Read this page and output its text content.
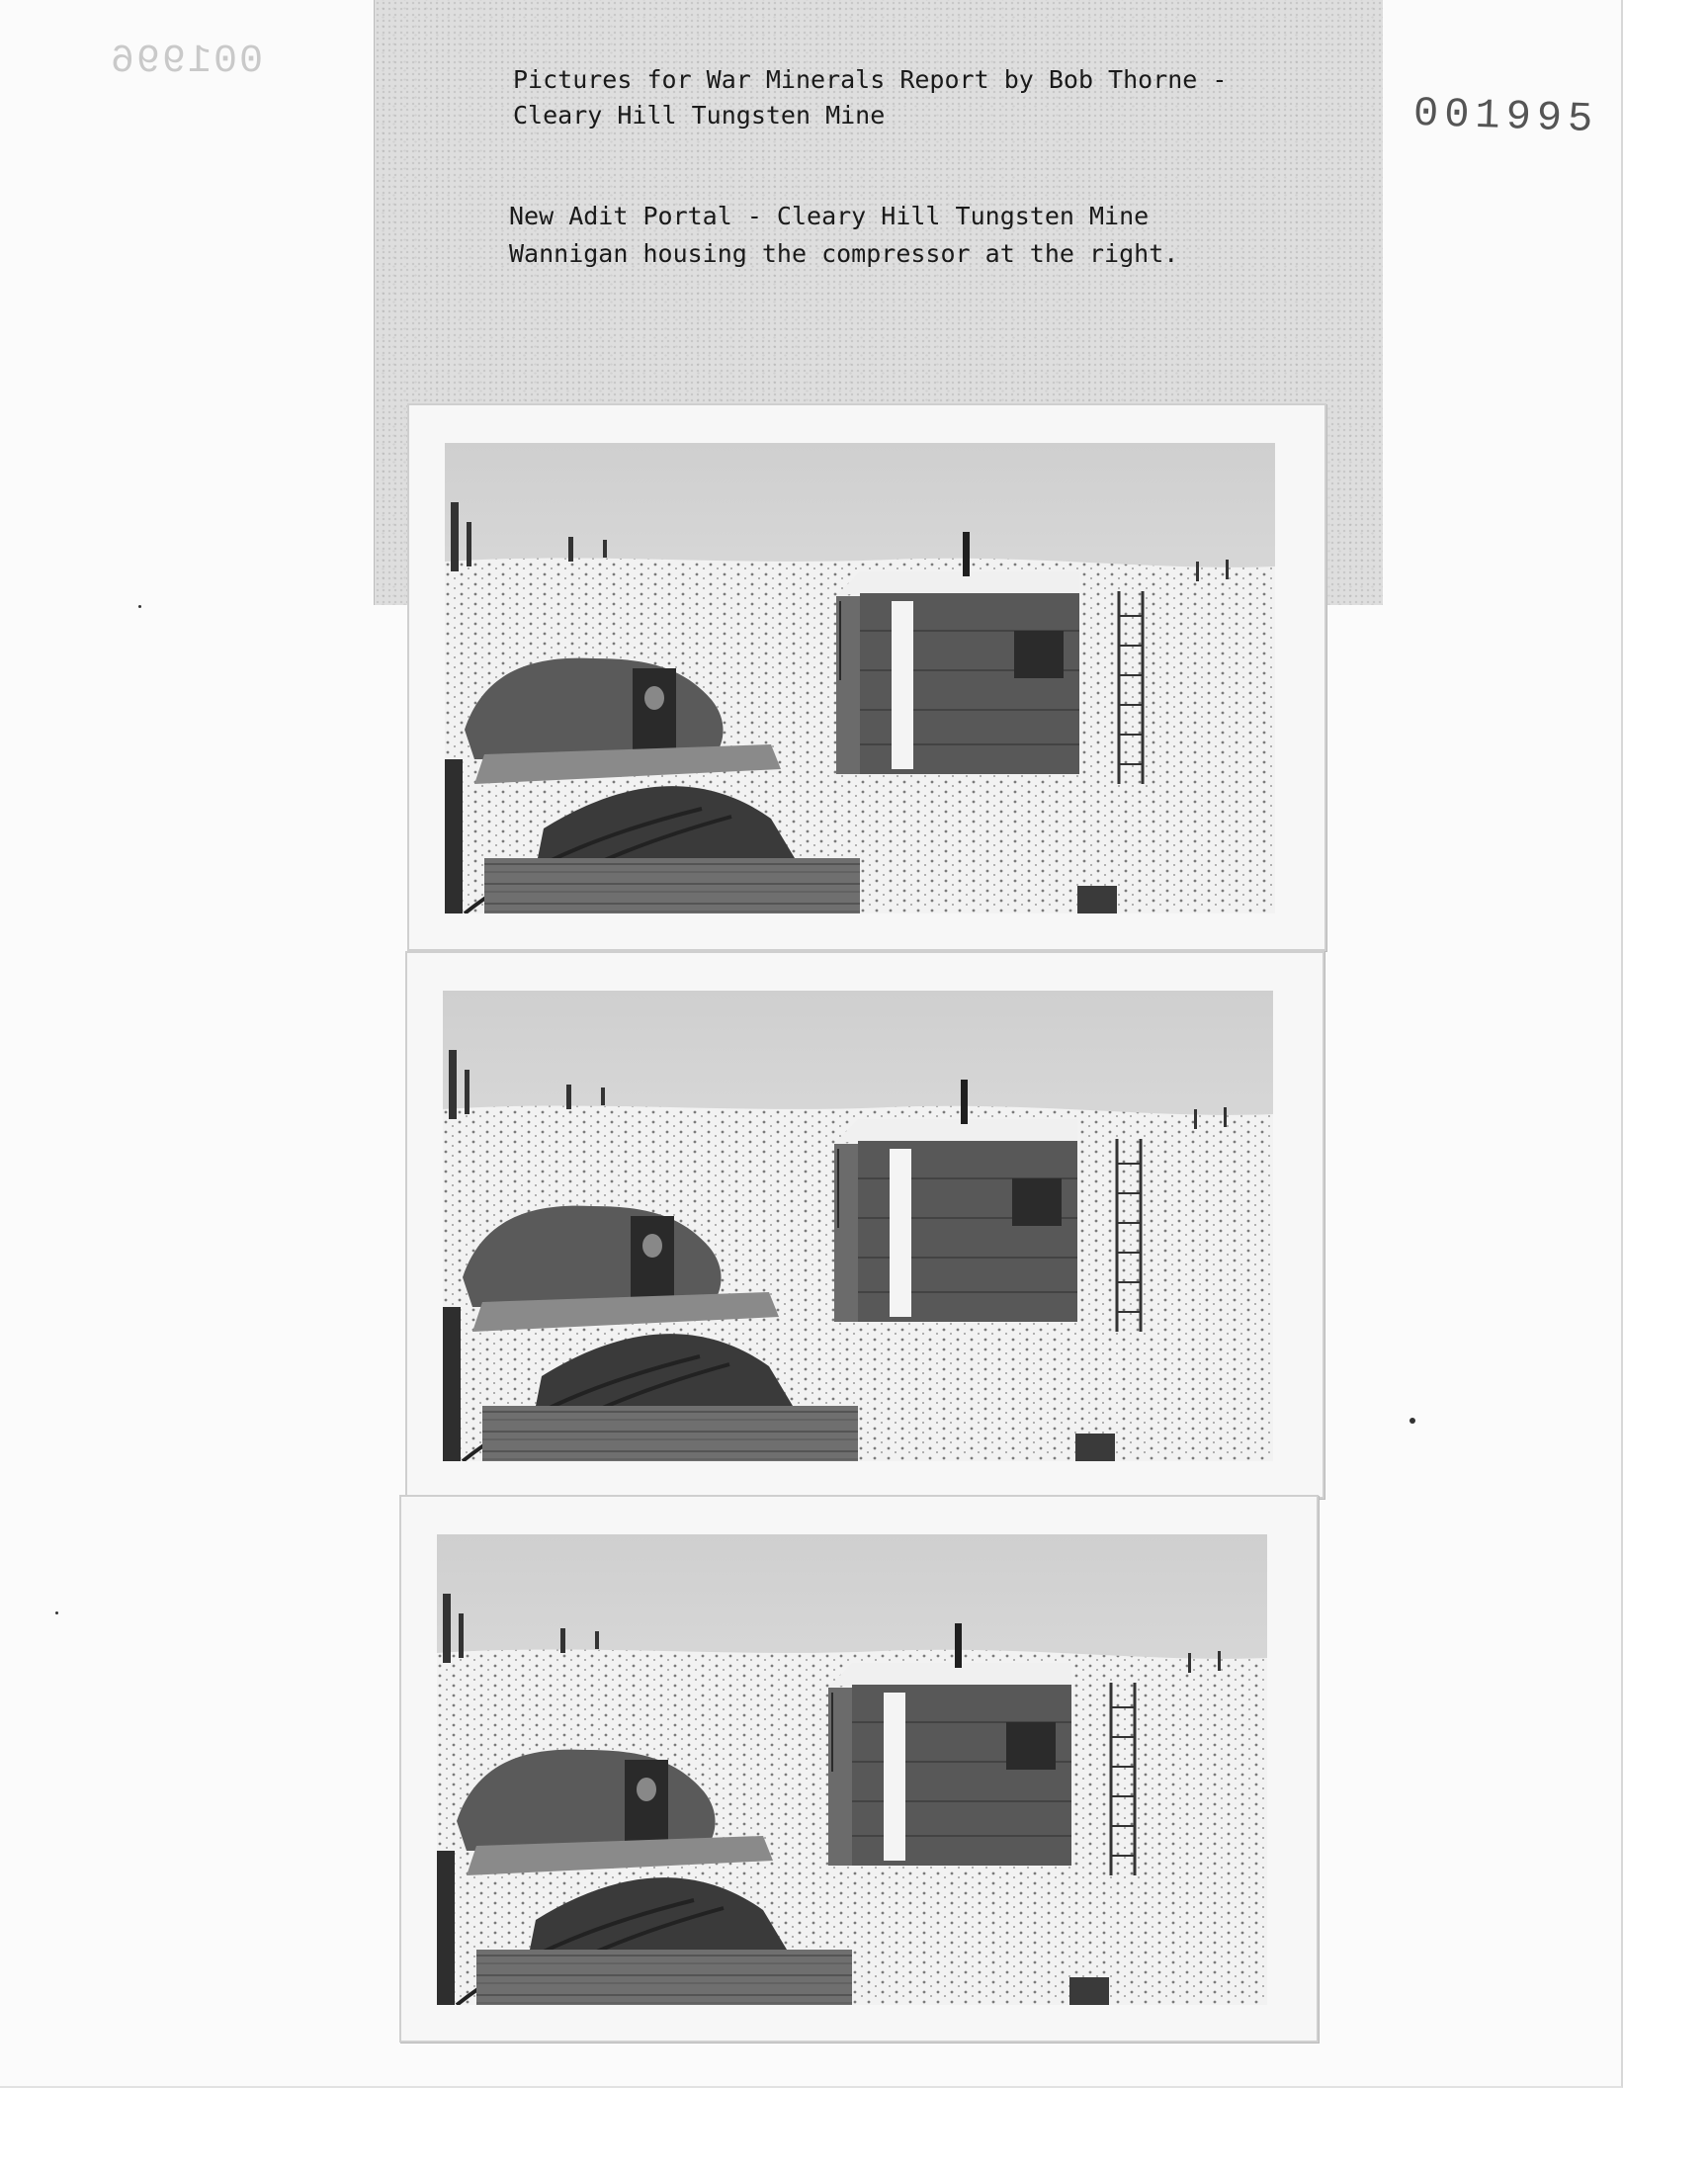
001996	Pictures for War Minerals Report by Bob Thorne -

Cleary Hill Tungsten Mine

New Adit Portal - Cleary Hill Tungsten Mine

Wannigan housing the compressor at the right.

001995
